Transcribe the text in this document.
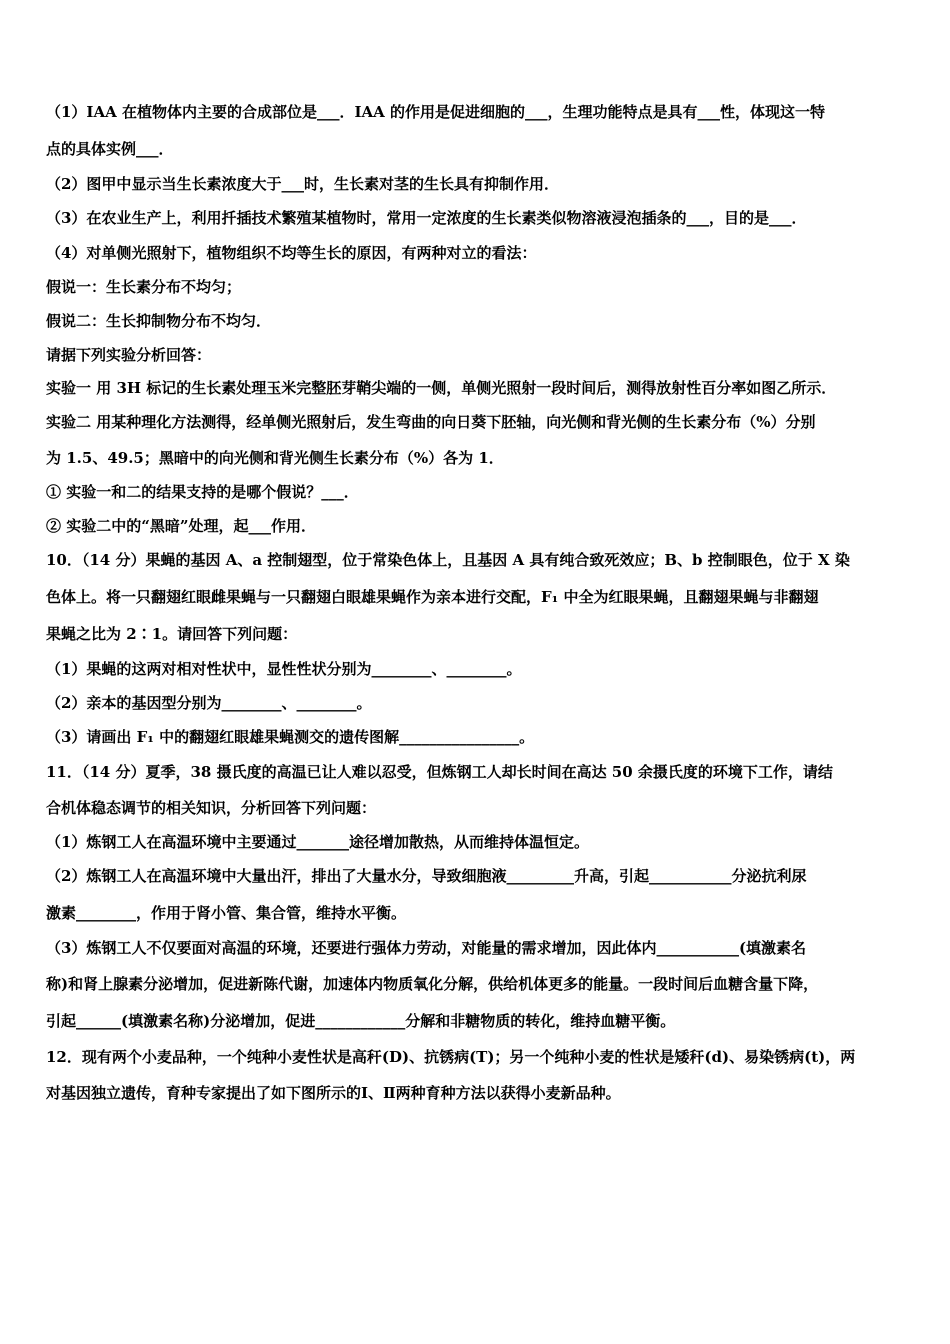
（1）IAA 在植物体内主要的合成部位是___．IAA 的作用是促进细胞的___，生理功能特点是具有___性，体现这一特
点的具体实例___．
（2）图甲中显示当生长素浓度大于___时，生长素对茎的生长具有抑制作用．
（3）在农业生产上，利用扦插技术繁殖某植物时，常用一定浓度的生长素类似物溶液浸泡插条的___，目的是___．
（4）对单侧光照射下，植物组织不均等生长的原因，有两种对立的看法：
假说一：生长素分布不均匀；
假说二：生长抑制物分布不均匀．
请据下列实验分析回答：
实验一 用 3H 标记的生长素处理玉米完整胚芽鞘尖端的一侧，单侧光照射一段时间后，测得放射性百分率如图乙所示．
实验二 用某种理化方法测得，经单侧光照射后，发生弯曲的向日葵下胚轴，向光侧和背光侧的生长素分布（%）分别
为 1.5、49.5；黑暗中的向光侧和背光侧生长素分布（%）各为 1．
① 实验一和二的结果支持的是哪个假说？___．
② 实验二中的“黑暗”处理，起___作用．
10．（14 分）果蝇的基因 A、a 控制翅型，位于常染色体上，且基因 A 具有纯合致死效应；B、b 控制眼色，位于 X 染
色体上。将一只翻翅红眼雌果蝇与一只翻翅白眼雄果蝇作为亲本进行交配，F₁ 中全为红眼果蝇，且翻翅果蝇与非翻翅
果蝇之比为 2∶1。请回答下列问题：
（1）果蝇的这两对相对性状中，显性性状分别为________、________。
（2）亲本的基因型分别为________、________。
（3）请画出 F₁ 中的翻翅红眼雄果蝇测交的遗传图解________________。
11．（14 分）夏季，38 摄氏度的高温已让人难以忍受，但炼钢工人却长时间在高达 50 余摄氏度的环境下工作，请结
合机体稳态调节的相关知识，分析回答下列问题：
（1）炼钢工人在高温环境中主要通过_______途径增加散热，从而维持体温恒定。
（2）炼钢工人在高温环境中大量出汗，排出了大量水分，导致细胞液_________升高，引起___________分泌抗利尿
激素________，作用于肾小管、集合管，维持水平衡。
（3）炼钢工人不仅要面对高温的环境，还要进行强体力劳动，对能量的需求增加，因此体内___________(填激素名
称)和肾上腺素分泌增加，促进新陈代谢，加速体内物质氧化分解，供给机体更多的能量。一段时间后血糖含量下降，
引起______(填激素名称)分泌增加，促进____________分解和非糖物质的转化，维持血糖平衡。
12．现有两个小麦品种，一个纯种小麦性状是高秆(D)、抗锈病(T)；另一个纯种小麦的性状是矮秆(d)、易染锈病(t)，两
对基因独立遗传，育种专家提出了如下图所示的Ⅰ、Ⅱ两种育种方法以获得小麦新品种。
